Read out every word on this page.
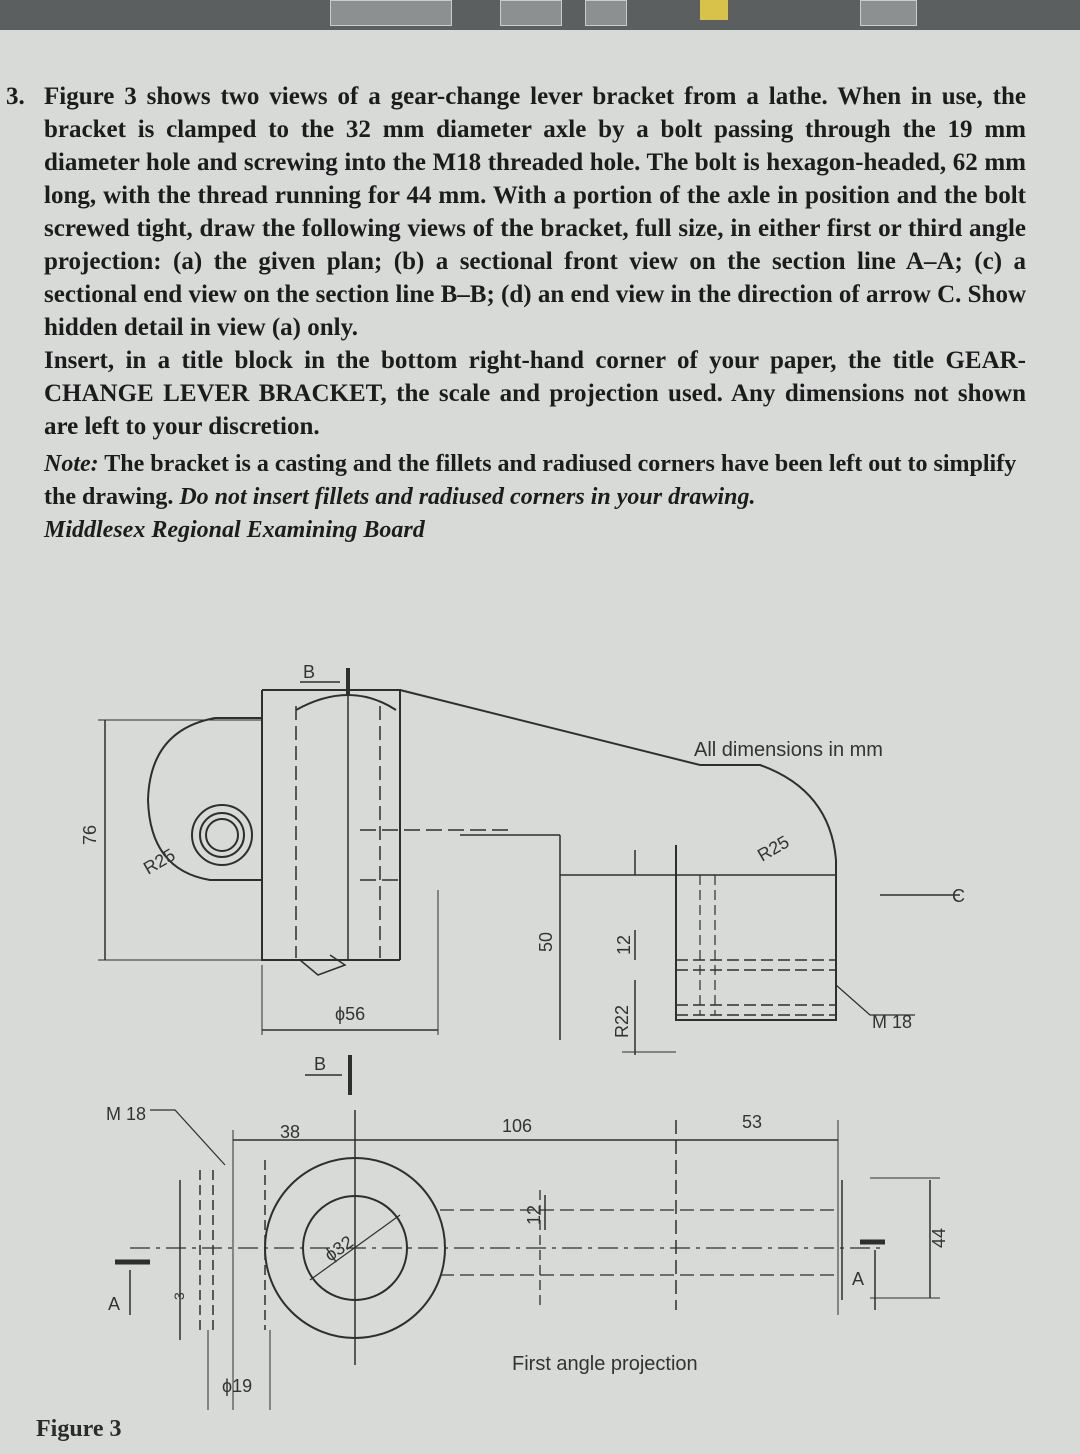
3. Figure 3 shows two views of a gear-change lever bracket from a lathe. When in use, the bracket is clamped to the 32 mm diameter axle by a bolt passing through the 19 mm diameter hole and screwing into the M18 threaded hole. The bolt is hexagon-headed, 62 mm long, with the thread running for 44 mm. With a portion of the axle in position and the bolt screwed tight, draw the following views of the bracket, full size, in either first or third angle projection: (a) the given plan; (b) a sectional front view on the section line A–A; (c) a sectional end view on the section line B–B; (d) an end view in the direction of arrow C. Show hidden detail in view (a) only.

Insert, in a title block in the bottom right-hand corner of your paper, the title GEAR-CHANGE LEVER BRACKET, the scale and projection used. Any dimensions not shown are left to your discretion.

Note: The bracket is a casting and the fillets and radiused corners have been left out to simplify the drawing. Do not insert fillets and radiused corners in your drawing.

Middlesex Regional Examining Board

B
B
A
A
C
All dimensions in mm
First angle projection
76
R25	R25
ϕ56
50	12
R22	M 18
M 18
38	106	53
12
ϕ32
ϕ19
3
44
Figure 3
